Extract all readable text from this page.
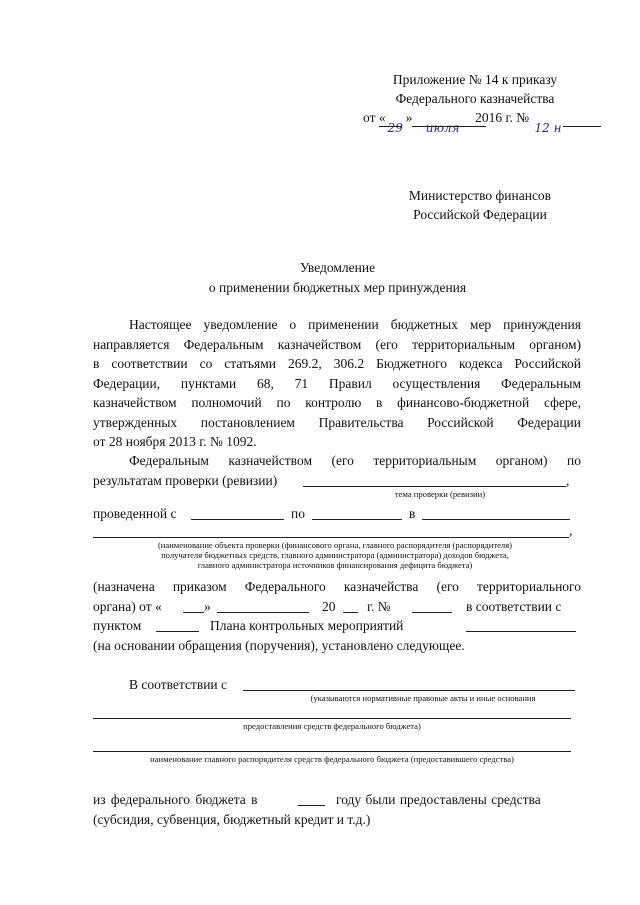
Приложение № 14 к приказу
Федерального казначейства
от «
29
»
июля
2016 г. №
12 н
Министерство финансов
Российской Федерации
Уведомление
о применении бюджетных мер принуждения
Настоящее уведомление о применении бюджетных мер принуждения
направляется Федеральным казначейством (его территориальным органом)
в соответствии со статьями 269.2, 306.2 Бюджетного кодекса Российской
Федерации, пунктами 68, 71 Правил осуществления Федеральным
казначейством полномочий по контролю в финансово-бюджетной сфере,
утвержденных постановлением Правительства Российской Федерации
от 28 ноября 2013 г. № 1092.
Федеральным казначейством (его территориальным органом) по
результатам проверки (ревизии)	,
тема проверки (ревизии)
проведенной с	по	в
,
(наименование объекта проверки (финансового органа, главного распорядителя (распорядителя)
получателя бюджетных средств, главного администратора (администратора) доходов бюджета,
главного администратора источников финансирования дефицита бюджета)
(назначена приказом Федерального казначейства (его территориального
органа) от «	»	20 г. №	в соответствии с
пунктом	Плана контрольных мероприятий
(на основании обращения (поручения), установлено следующее.
В соответствии с
(указываются нормативные правовые акты и иные основания
предоставления средств федерального бюджета)
наименование главного распорядителя средств федерального бюджета (предоставившего средства)
из федерального бюджета в	году были предоставлены средства
(субсидия, субвенция, бюджетный кредит и т.д.)
